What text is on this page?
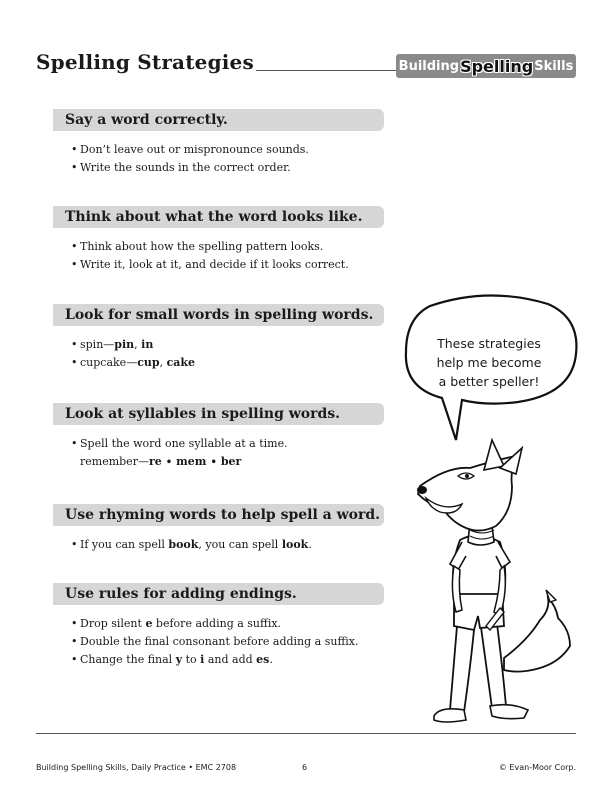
Spelling Strategies	Building Spelling Skills
Say a word correctly.
• Don’t leave out or mispronounce sounds.
• Write the sounds in the correct order.
Think about what the word looks like.
• Think about how the spelling pattern looks.
• Write it, look at it, and decide if it looks correct.
Look for small words in spelling words.
• spin—pin, in
• cupcake—cup, cake
Look at syllables in spelling words.
• Spell the word one syllable at a time.
remember—re • mem • ber
Use rhyming words to help spell a word.
• If you can spell book, you can spell look.
Use rules for adding endings.
• Drop silent e before adding a suffix.
• Double the final consonant before adding a suffix.
• Change the final y to i and add es.
These strategies
help me become
a better speller!
Building Spelling Skills, Daily Practice • EMC 2708	6	© Evan-Moor Corp.
